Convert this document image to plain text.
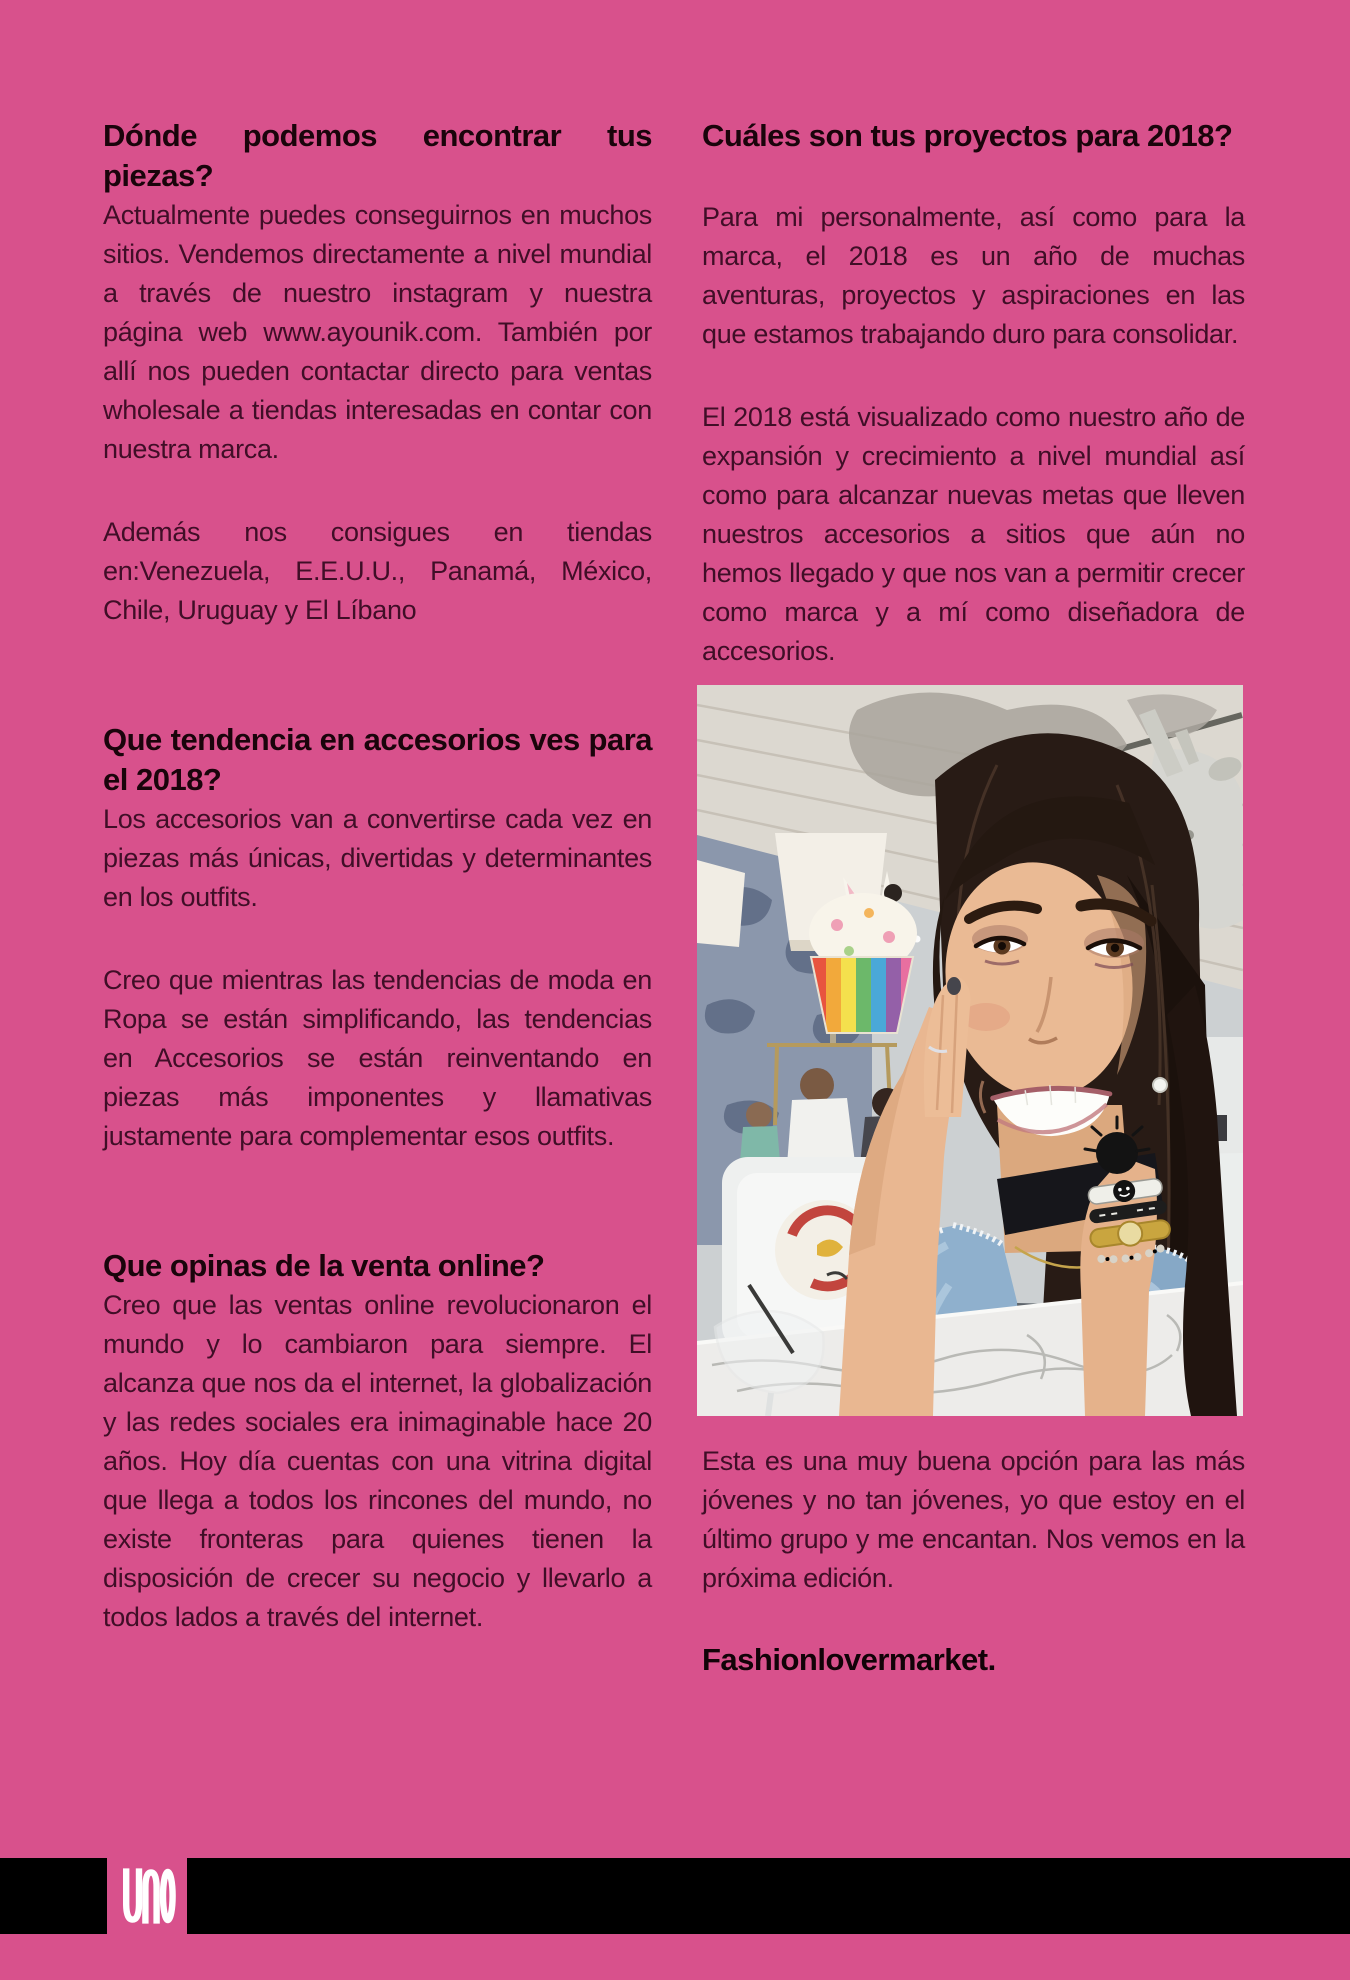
Dónde podemos encontrar tus piezas?

Actualmente puedes conseguirnos en muchos sitios. Vendemos directamente a nivel mundial a través de nuestro instagram y nuestra página web www.ayounik.com. También por allí nos pueden contactar directo para ventas wholesale a tiendas interesadas en contar con nuestra marca.

Además nos consigues en tiendas en:Venezuela, E.E.U.U., Panamá, México, Chile, Uruguay y El Líbano

Que tendencia en accesorios ves para el 2018?

Los accesorios van a convertirse cada vez en piezas más únicas, divertidas y determinantes en los outfits.

Creo que mientras las tendencias de moda en Ropa se están simplificando, las tendencias en Accesorios se están reinventando en piezas más imponentes y llamativas justamente para complementar esos outfits.

Que opinas de la venta online?

Creo que las ventas online revolucionaron el mundo y lo cambiaron para siempre. El alcanza que nos da el internet, la globalización y las redes sociales era inimaginable hace 20 años. Hoy día cuentas con una vitrina digital que llega a todos los rincones del mundo, no existe fronteras para quienes tienen la disposición de crecer su negocio y llevarlo a todos lados a través del internet.

Cuáles son tus proyectos para 2018?

Para mi personalmente, así como para la marca, el 2018 es un año de muchas aventuras, proyectos y aspiraciones en las que estamos trabajando duro para consolidar.

El 2018 está visualizado como nuestro año de expansión y crecimiento a nivel mundial así como para alcanzar nuevas metas que lleven nuestros accesorios a sitios que aún no hemos llegado y que nos van a permitir crecer como marca y a mí como diseñadora de accesorios.

Esta es una muy buena opción para las más jóvenes y no tan jóvenes, yo que estoy en el último grupo y me encantan. Nos vemos en la próxima edición.

Fashionlovermarket.
